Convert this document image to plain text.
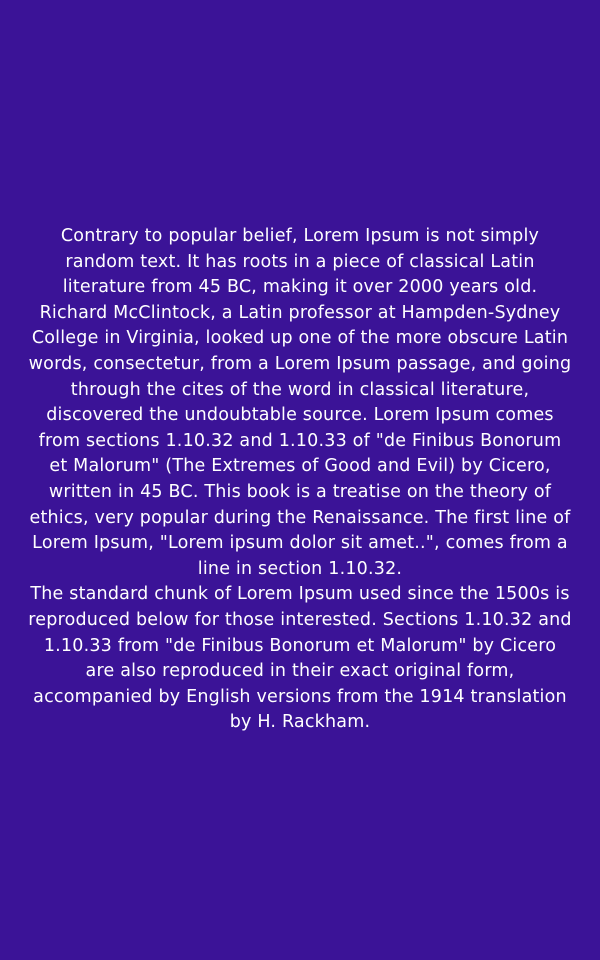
Contrary to popular belief, Lorem Ipsum is not simply random text. It has roots in a piece of classical Latin literature from 45 BC, making it over 2000 years old. Richard McClintock, a Latin professor at Hampden-Sydney College in Virginia, looked up one of the more obscure Latin words, consectetur, from a Lorem Ipsum passage, and going through the cites of the word in classical literature, discovered the undoubtable source. Lorem Ipsum comes from sections 1.10.32 and 1.10.33 of "de Finibus Bonorum et Malorum" (The Extremes of Good and Evil) by Cicero, written in 45 BC. This book is a treatise on the theory of ethics, very popular during the Renaissance. The first line of Lorem Ipsum, "Lorem ipsum dolor sit amet..", comes from a line in section 1.10.32.

The standard chunk of Lorem Ipsum used since the 1500s is reproduced below for those interested. Sections 1.10.32 and 1.10.33 from "de Finibus Bonorum et Malorum" by Cicero are also reproduced in their exact original form, accompanied by English versions from the 1914 translation by H. Rackham.
